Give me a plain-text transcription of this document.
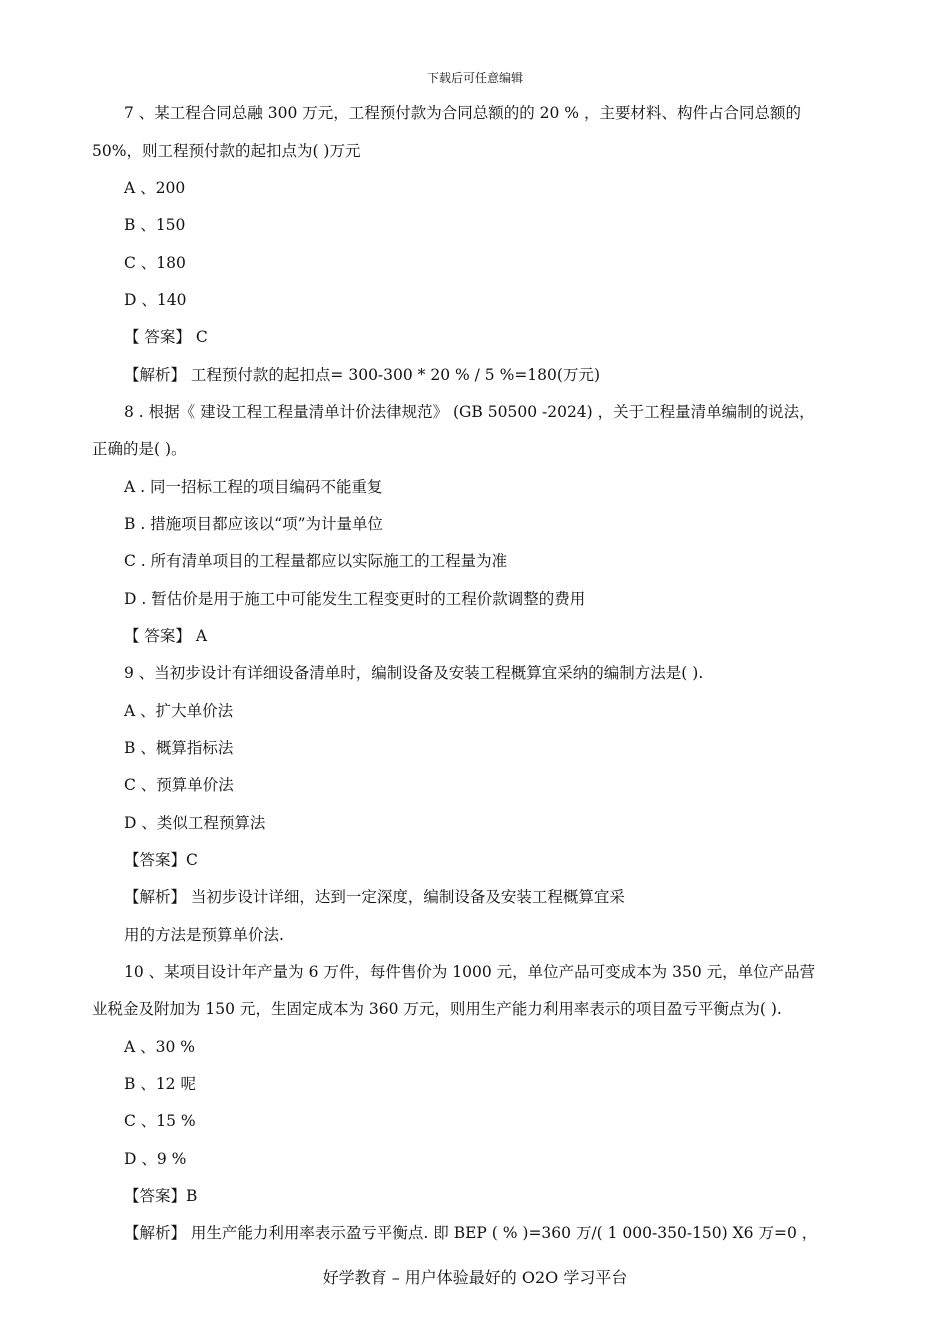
下载后可任意编辑
7 、某工程合同总融 300 万元，工程预付款为合同总额的的 20 % ，主要材料、构件占合同总额的
50%，则工程预付款的起扣点为( )万元
A 、200
B 、150
C 、180
D 、140
【 答案】 C
【解析】 工程预付款的起扣点= 300-300 * 20 % / 5 %=180(万元)
8 . 根据《 建设工程工程量清单计价法律规范》 (GB 50500 -2024) ，关于工程量清单编制的说法，
正确的是( )。
A . 同一招标工程的项目编码不能重复
B . 措施项目都应该以“项”为计量单位
C . 所有清单项目的工程量都应以实际施工的工程量为准
D . 暂估价是用于施工中可能发生工程变更时的工程价款调整的费用
【 答案】 A
9 、当初步设计有详细设备清单时，编制设备及安装工程概算宜采纳的编制方法是( ).
A 、扩大单价法
B 、概算指标法
C 、预算单价法
D 、类似工程预算法
【答案】C
【解析】 当初步设计详细，达到一定深度，编制设备及安装工程概算宜采
用的方法是预算单价法.
10 、某项目设计年产量为 6 万件，每件售价为 1000 元，单位产品可变成本为 350 元，单位产品营
业税金及附加为 150 元，生固定成本为 360 万元，则用生产能力利用率表示的项目盈亏平衡点为( ).
A 、30 %
B 、12 呢
C 、15 %
D 、9 %
【答案】B
【解析】 用生产能力利用率表示盈亏平衡点. 即 BEP ( % )=360 万/( 1 000-350-150) X6 万=0 ，
好学教育 – 用户体验最好的 O2O 学习平台
